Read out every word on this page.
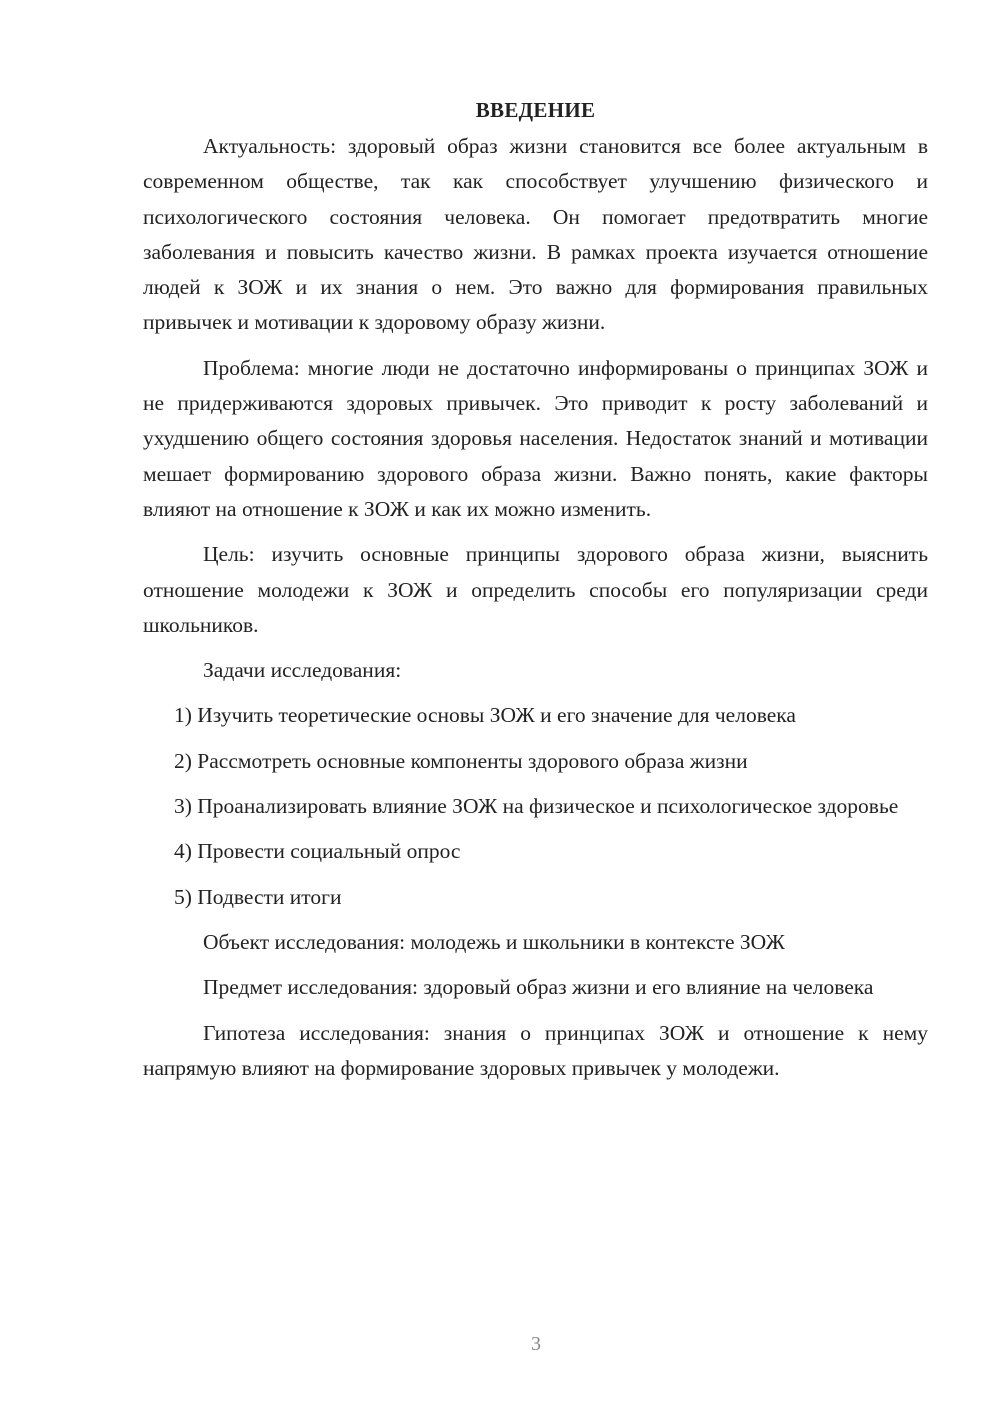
ВВЕДЕНИЕ

Актуальность: здоровый образ жизни становится все более актуальным в современном обществе, так как способствует улучшению физического и психологического состояния человека. Он помогает предотвратить многие заболевания и повысить качество жизни. В рамках проекта изучается отношение людей к ЗОЖ и их знания о нем. Это важно для формирования правильных привычек и мотивации к здоровому образу жизни.

Проблема: многие люди не достаточно информированы о принципах ЗОЖ и не придерживаются здоровых привычек. Это приводит к росту заболеваний и ухудшению общего состояния здоровья населения. Недостаток знаний и мотивации мешает формированию здорового образа жизни. Важно понять, какие факторы влияют на отношение к ЗОЖ и как их можно изменить.

Цель: изучить основные принципы здорового образа жизни, выяснить отношение молодежи к ЗОЖ и определить способы его популяризации среди школьников.

Задачи исследования:

1) Изучить теоретические основы ЗОЖ и его значение для человека

2) Рассмотреть основные компоненты здорового образа жизни

3) Проанализировать влияние ЗОЖ на физическое и психологическое здоровье

4) Провести социальный опрос

5) Подвести итоги

Объект исследования: молодежь и школьники в контексте ЗОЖ

Предмет исследования: здоровый образ жизни и его влияние на человека

Гипотеза исследования: знания о принципах ЗОЖ и отношение к нему напрямую влияют на формирование здоровых привычек у молодежи.

3
